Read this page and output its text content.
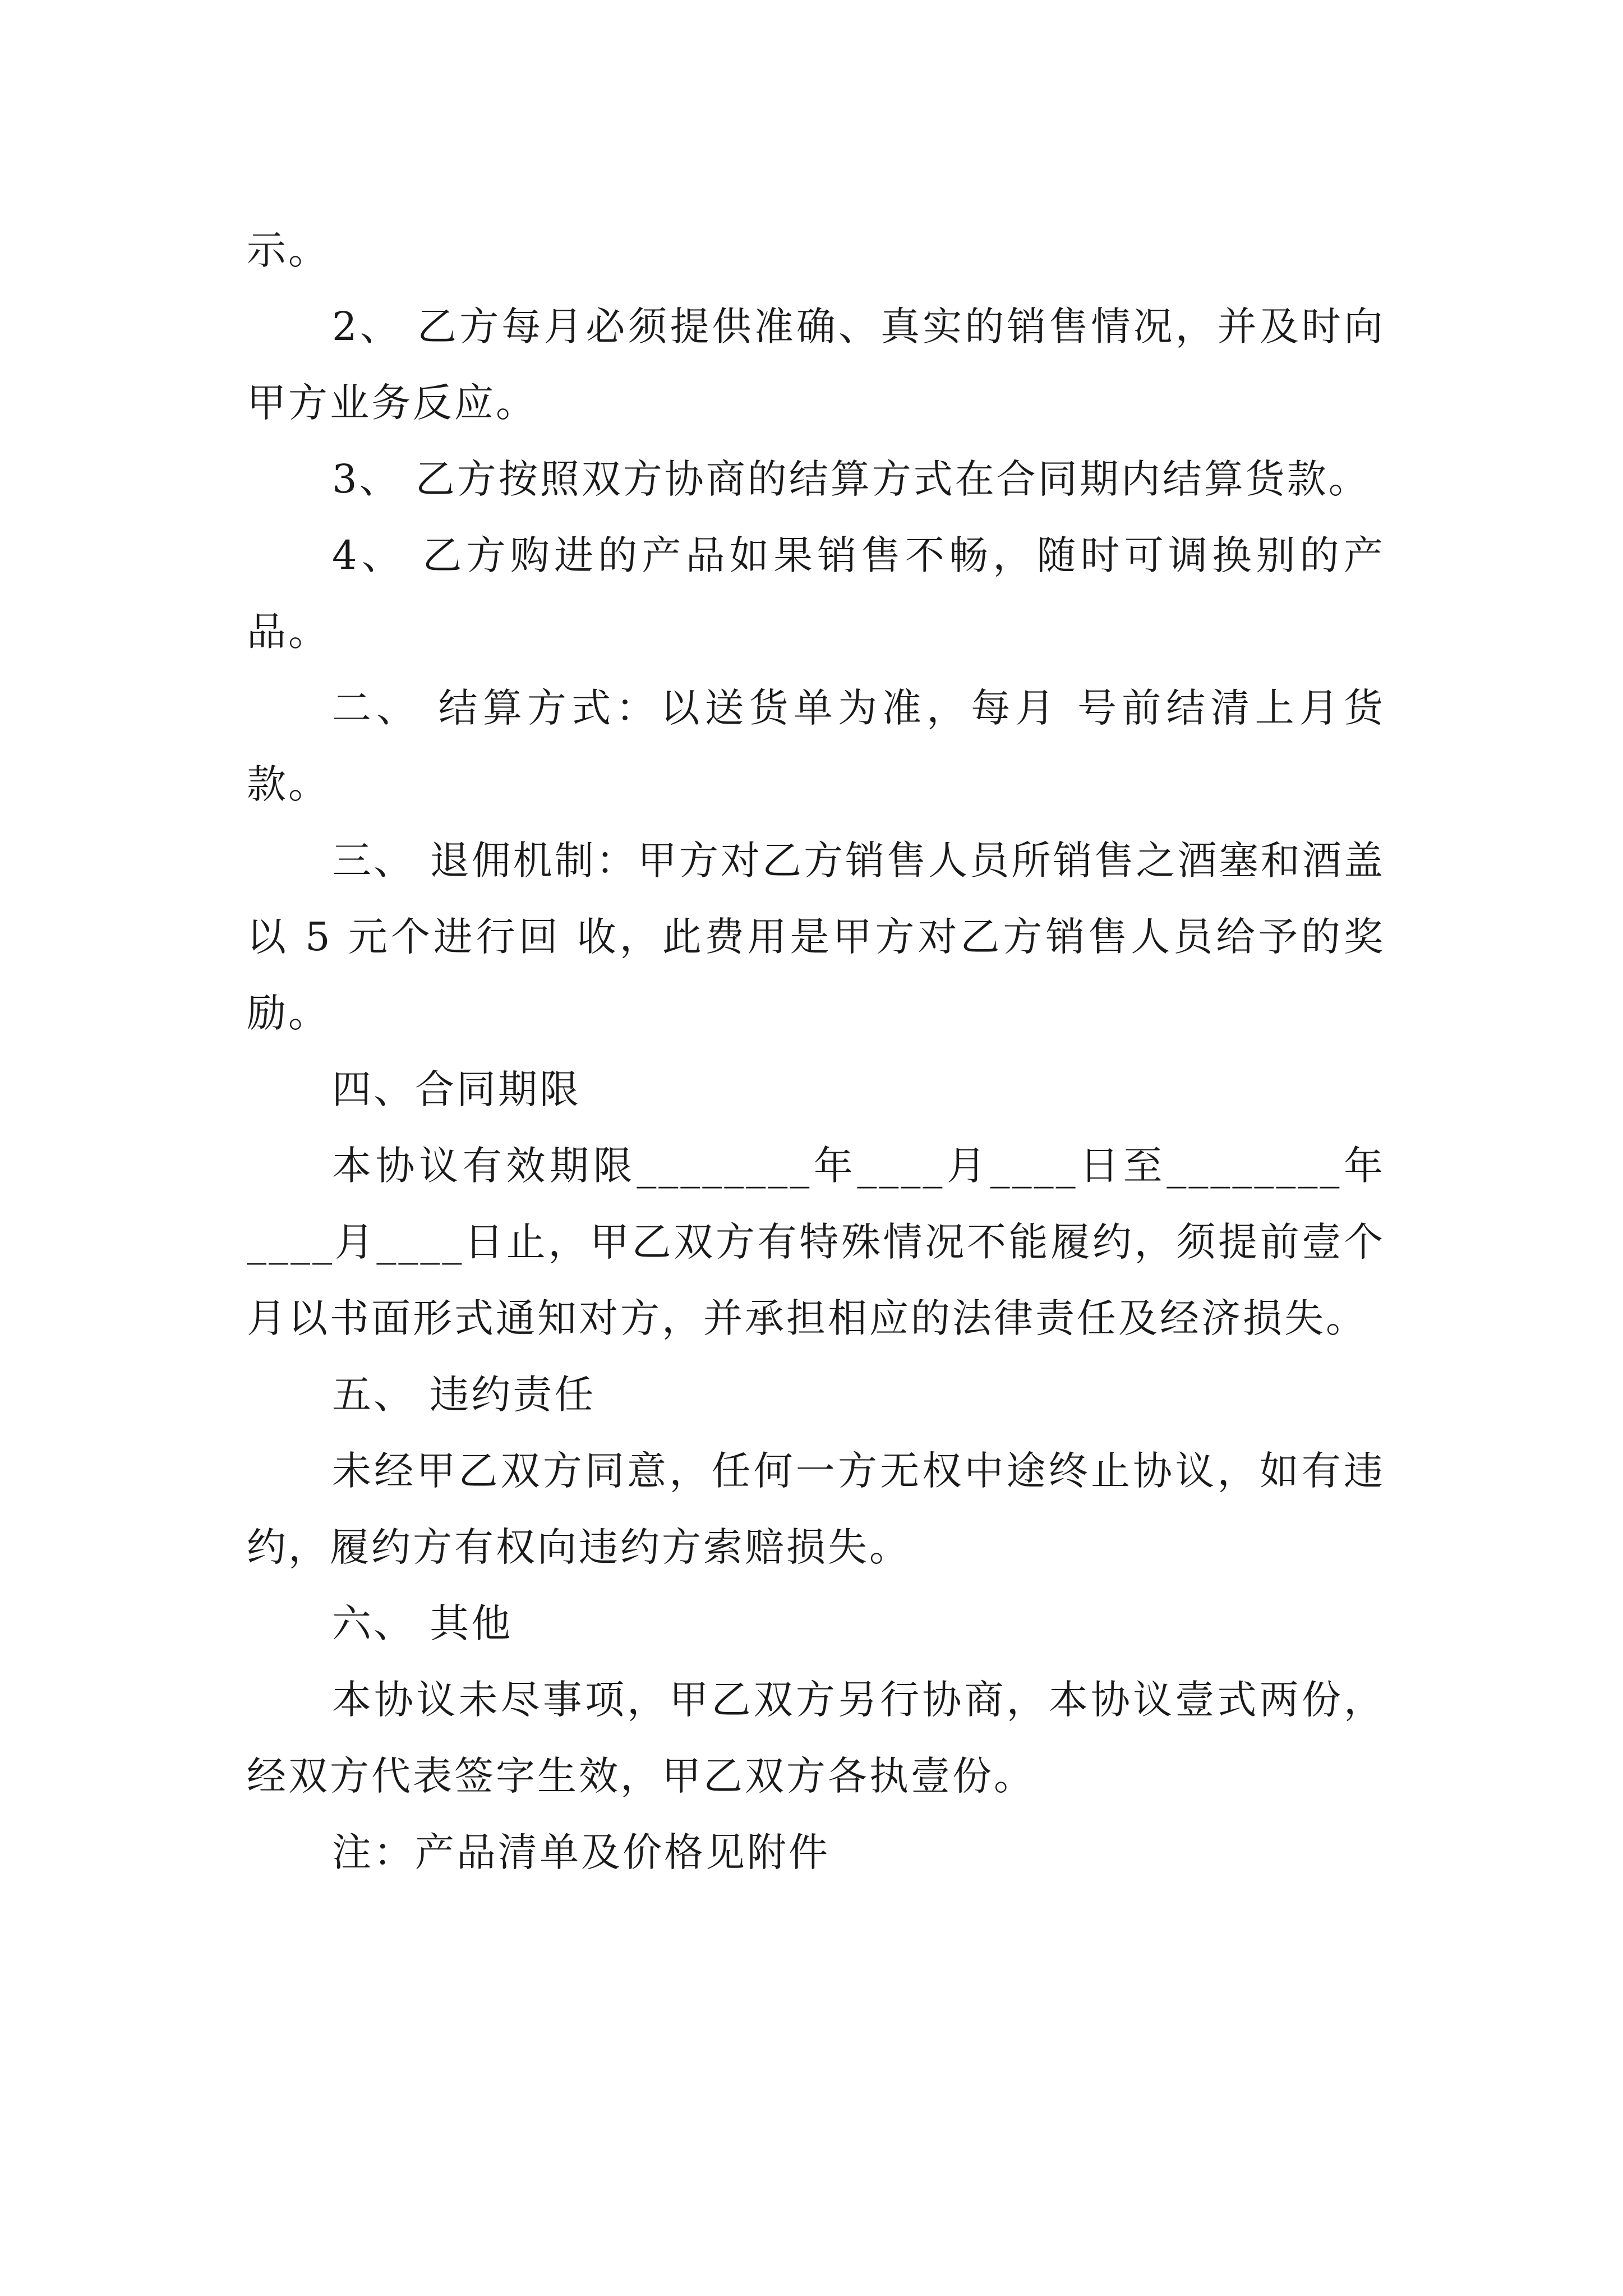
示。

2、 乙方每月必须提供准确、真实的销售情况，并及时向甲方业务反应。

3、 乙方按照双方协商的结算方式在合同期内结算货款。

4、 乙方购进的产品如果销售不畅，随时可调换别的产品。

二、 结算方式：以送货单为准，每月 号前结清上月货款。

三、 退佣机制：甲方对乙方销售人员所销售之酒塞和酒盖以 5 元个进行回 收，此费用是甲方对乙方销售人员给予的奖励。

四、合同期限

本协议有效期限________年____月____日至________年____月____日止，甲乙双方有特殊情况不能履约，须提前壹个月以书面形式通知对方，并承担相应的法律责任及经济损失。

五、 违约责任

未经甲乙双方同意，任何一方无权中途终止协议，如有违约，履约方有权向违约方索赔损失。

六、 其他

本协议未尽事项，甲乙双方另行协商，本协议壹式两份，经双方代表签字生效，甲乙双方各执壹份。

注：产品清单及价格见附件
